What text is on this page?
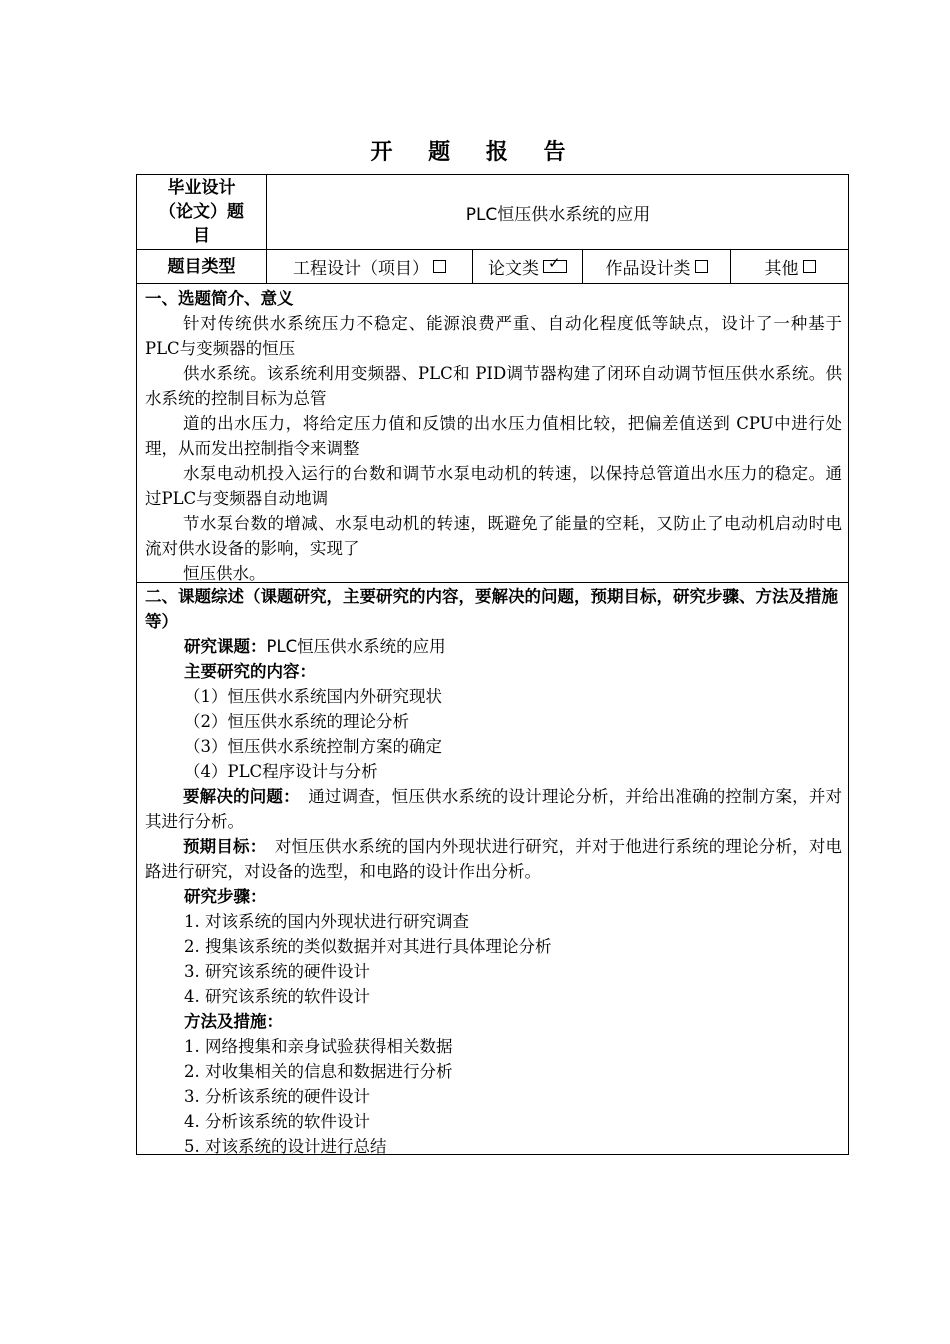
开 题 报 告
毕业设计（论文）题目
PLC恒压供水系统的应用
题目类型	工程设计（项目）	论文类
✓	作品设计类	其他
一、选题简介、意义
针对传统供水系统压力不稳定、能源浪费严重、自动化程度低等缺点，设计了一种基于 PLC与变频器的恒压
供水系统。该系统利用变频器、PLC和 PID调节器构建了闭环自动调节恒压供水系统。供水系统的控制目标为总管
道的出水压力，将给定压力值和反馈的出水压力值相比较，把偏差值送到 CPU中进行处理，从而发出控制指令来调整
水泵电动机投入运行的台数和调节水泵电动机的转速，以保持总管道出水压力的稳定。通过PLC与变频器自动地调
节水泵台数的增减、水泵电动机的转速，既避免了能量的空耗，又防止了电动机启动时电流对供水设备的影响，实现了
恒压供水。
二、课题综述（课题研究，主要研究的内容，要解决的问题，预期目标，研究步骤、方法及措施等）
研究课题：PLC恒压供水系统的应用
主要研究的内容：
（1）恒压供水系统国内外研究现状
（2）恒压供水系统的理论分析
（3）恒压供水系统控制方案的确定
（4）PLC程序设计与分析
要解决的问题：　通过调查，恒压供水系统的设计理论分析，并给出准确的控制方案，并对其进行分析。
预期目标：　对恒压供水系统的国内外现状进行研究，并对于他进行系统的理论分析，对电路进行研究，对设备的选型，和电路的设计作出分析。
研究步骤：
1. 对该系统的国内外现状进行研究调查
2. 搜集该系统的类似数据并对其进行具体理论分析
3. 研究该系统的硬件设计
4. 研究该系统的软件设计
方法及措施：
1. 网络搜集和亲身试验获得相关数据
2. 对收集相关的信息和数据进行分析
3. 分析该系统的硬件设计
4. 分析该系统的软件设计
5. 对该系统的设计进行总结
